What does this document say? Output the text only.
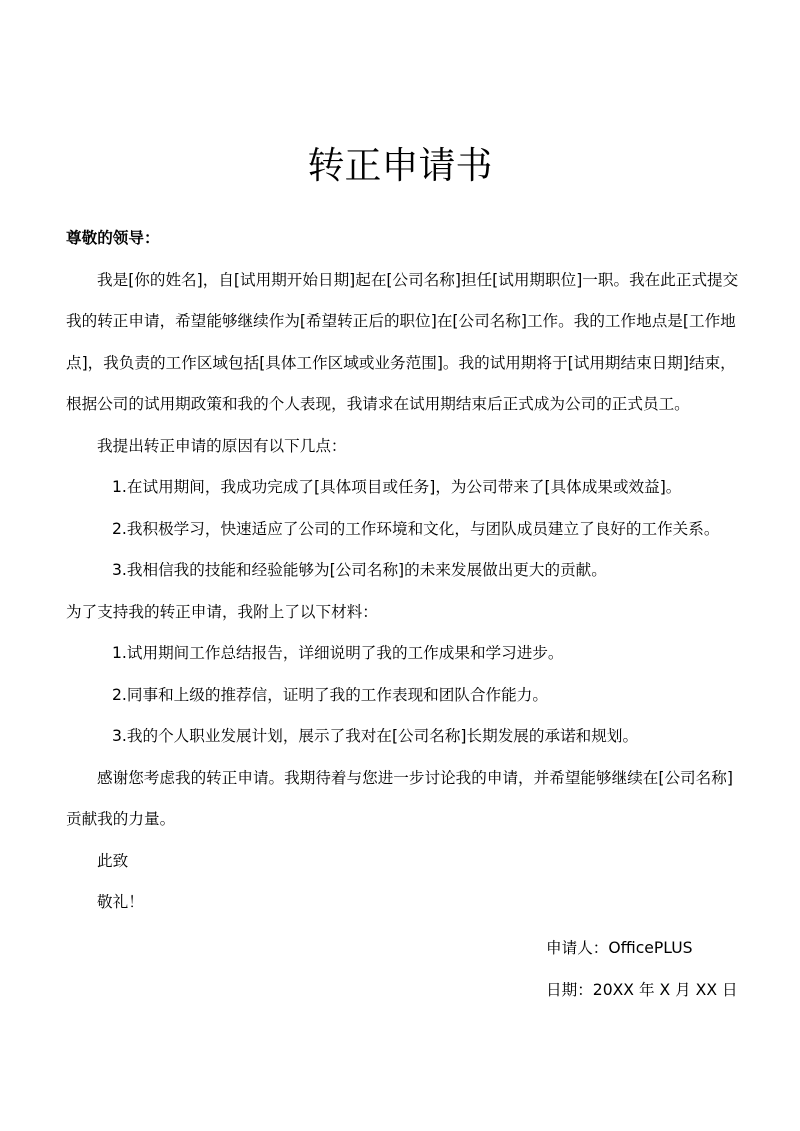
转正申请书

尊敬的领导：

我是[你的姓名]，自[试用期开始日期]起在[公司名称]担任[试用期职位]一职。我在此正式提交

我的转正申请，希望能够继续作为[希望转正后的职位]在[公司名称]工作。我的工作地点是[工作地

点]，我负责的工作区域包括[具体工作区域或业务范围]。我的试用期将于[试用期结束日期]结束，

根据公司的试用期政策和我的个人表现，我请求在试用期结束后正式成为公司的正式员工。

我提出转正申请的原因有以下几点：

1.在试用期间，我成功完成了[具体项目或任务]，为公司带来了[具体成果或效益]。

2.我积极学习，快速适应了公司的工作环境和文化，与团队成员建立了良好的工作关系。

3.我相信我的技能和经验能够为[公司名称]的未来发展做出更大的贡献。

为了支持我的转正申请，我附上了以下材料：

1.试用期间工作总结报告，详细说明了我的工作成果和学习进步。

2.同事和上级的推荐信，证明了我的工作表现和团队合作能力。

3.我的个人职业发展计划，展示了我对在[公司名称]长期发展的承诺和规划。

感谢您考虑我的转正申请。我期待着与您进一步讨论我的申请，并希望能够继续在[公司名称]

贡献我的力量。

此致

敬礼！

申请人：OfficePLUS

日期：20XX 年 X 月 XX 日
